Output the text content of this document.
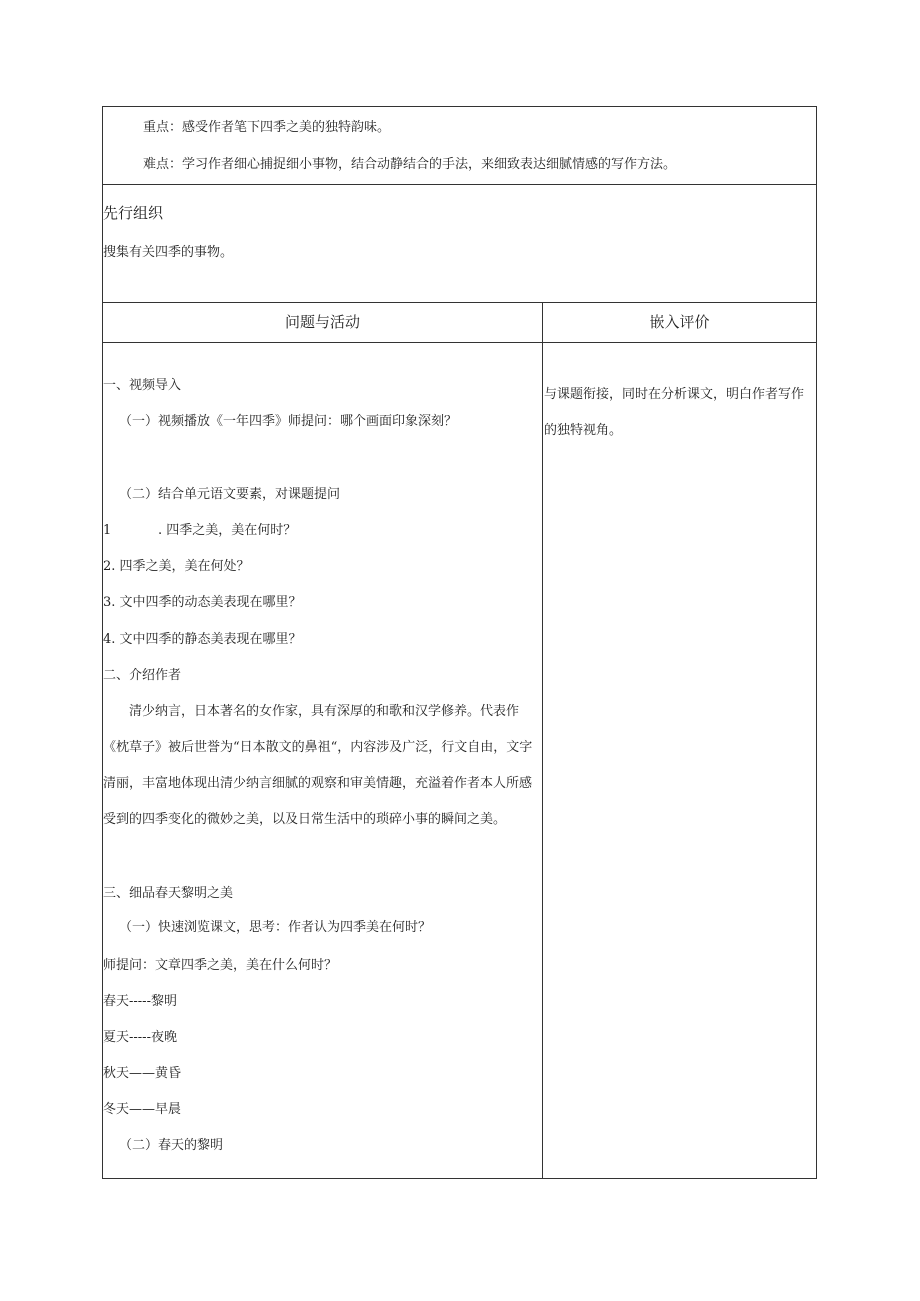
重点：感受作者笔下四季之美的独特韵味。
难点：学习作者细心捕捉细小事物，结合动静结合的手法，来细致表达细腻情感的写作方法。
先行组织
搜集有关四季的事物。
问题与活动	嵌入评价
一、视频导入
（一）视频播放《一年四季》师提问：哪个画面印象深刻？
（二）结合单元语文要素，对课题提问
1	. 四季之美，美在何时？
2. 四季之美，美在何处？
3. 文中四季的动态美表现在哪里？
4. 文中四季的静态美表现在哪里？
二、介绍作者
清少纳言，日本著名的女作家，具有深厚的和歌和汉学修养。代表作《枕草子》被后世誉为“日本散文的鼻祖“，内容涉及广泛，行文自由，文字清丽，丰富地体现出清少纳言细腻的观察和审美情趣，充溢着作者本人所感受到的四季变化的微妙之美，以及日常生活中的琐碎小事的瞬间之美。
三、细品春天黎明之美
（一）快速浏览课文，思考：作者认为四季美在何时？
师提问：文章四季之美，美在什么何时？
春天-----黎明
夏天-----夜晚
秋天——黄昏
冬天——早晨
（二）春天的黎明
与课题衔接，同时在分析课文，明白作者写作的独特视角。
